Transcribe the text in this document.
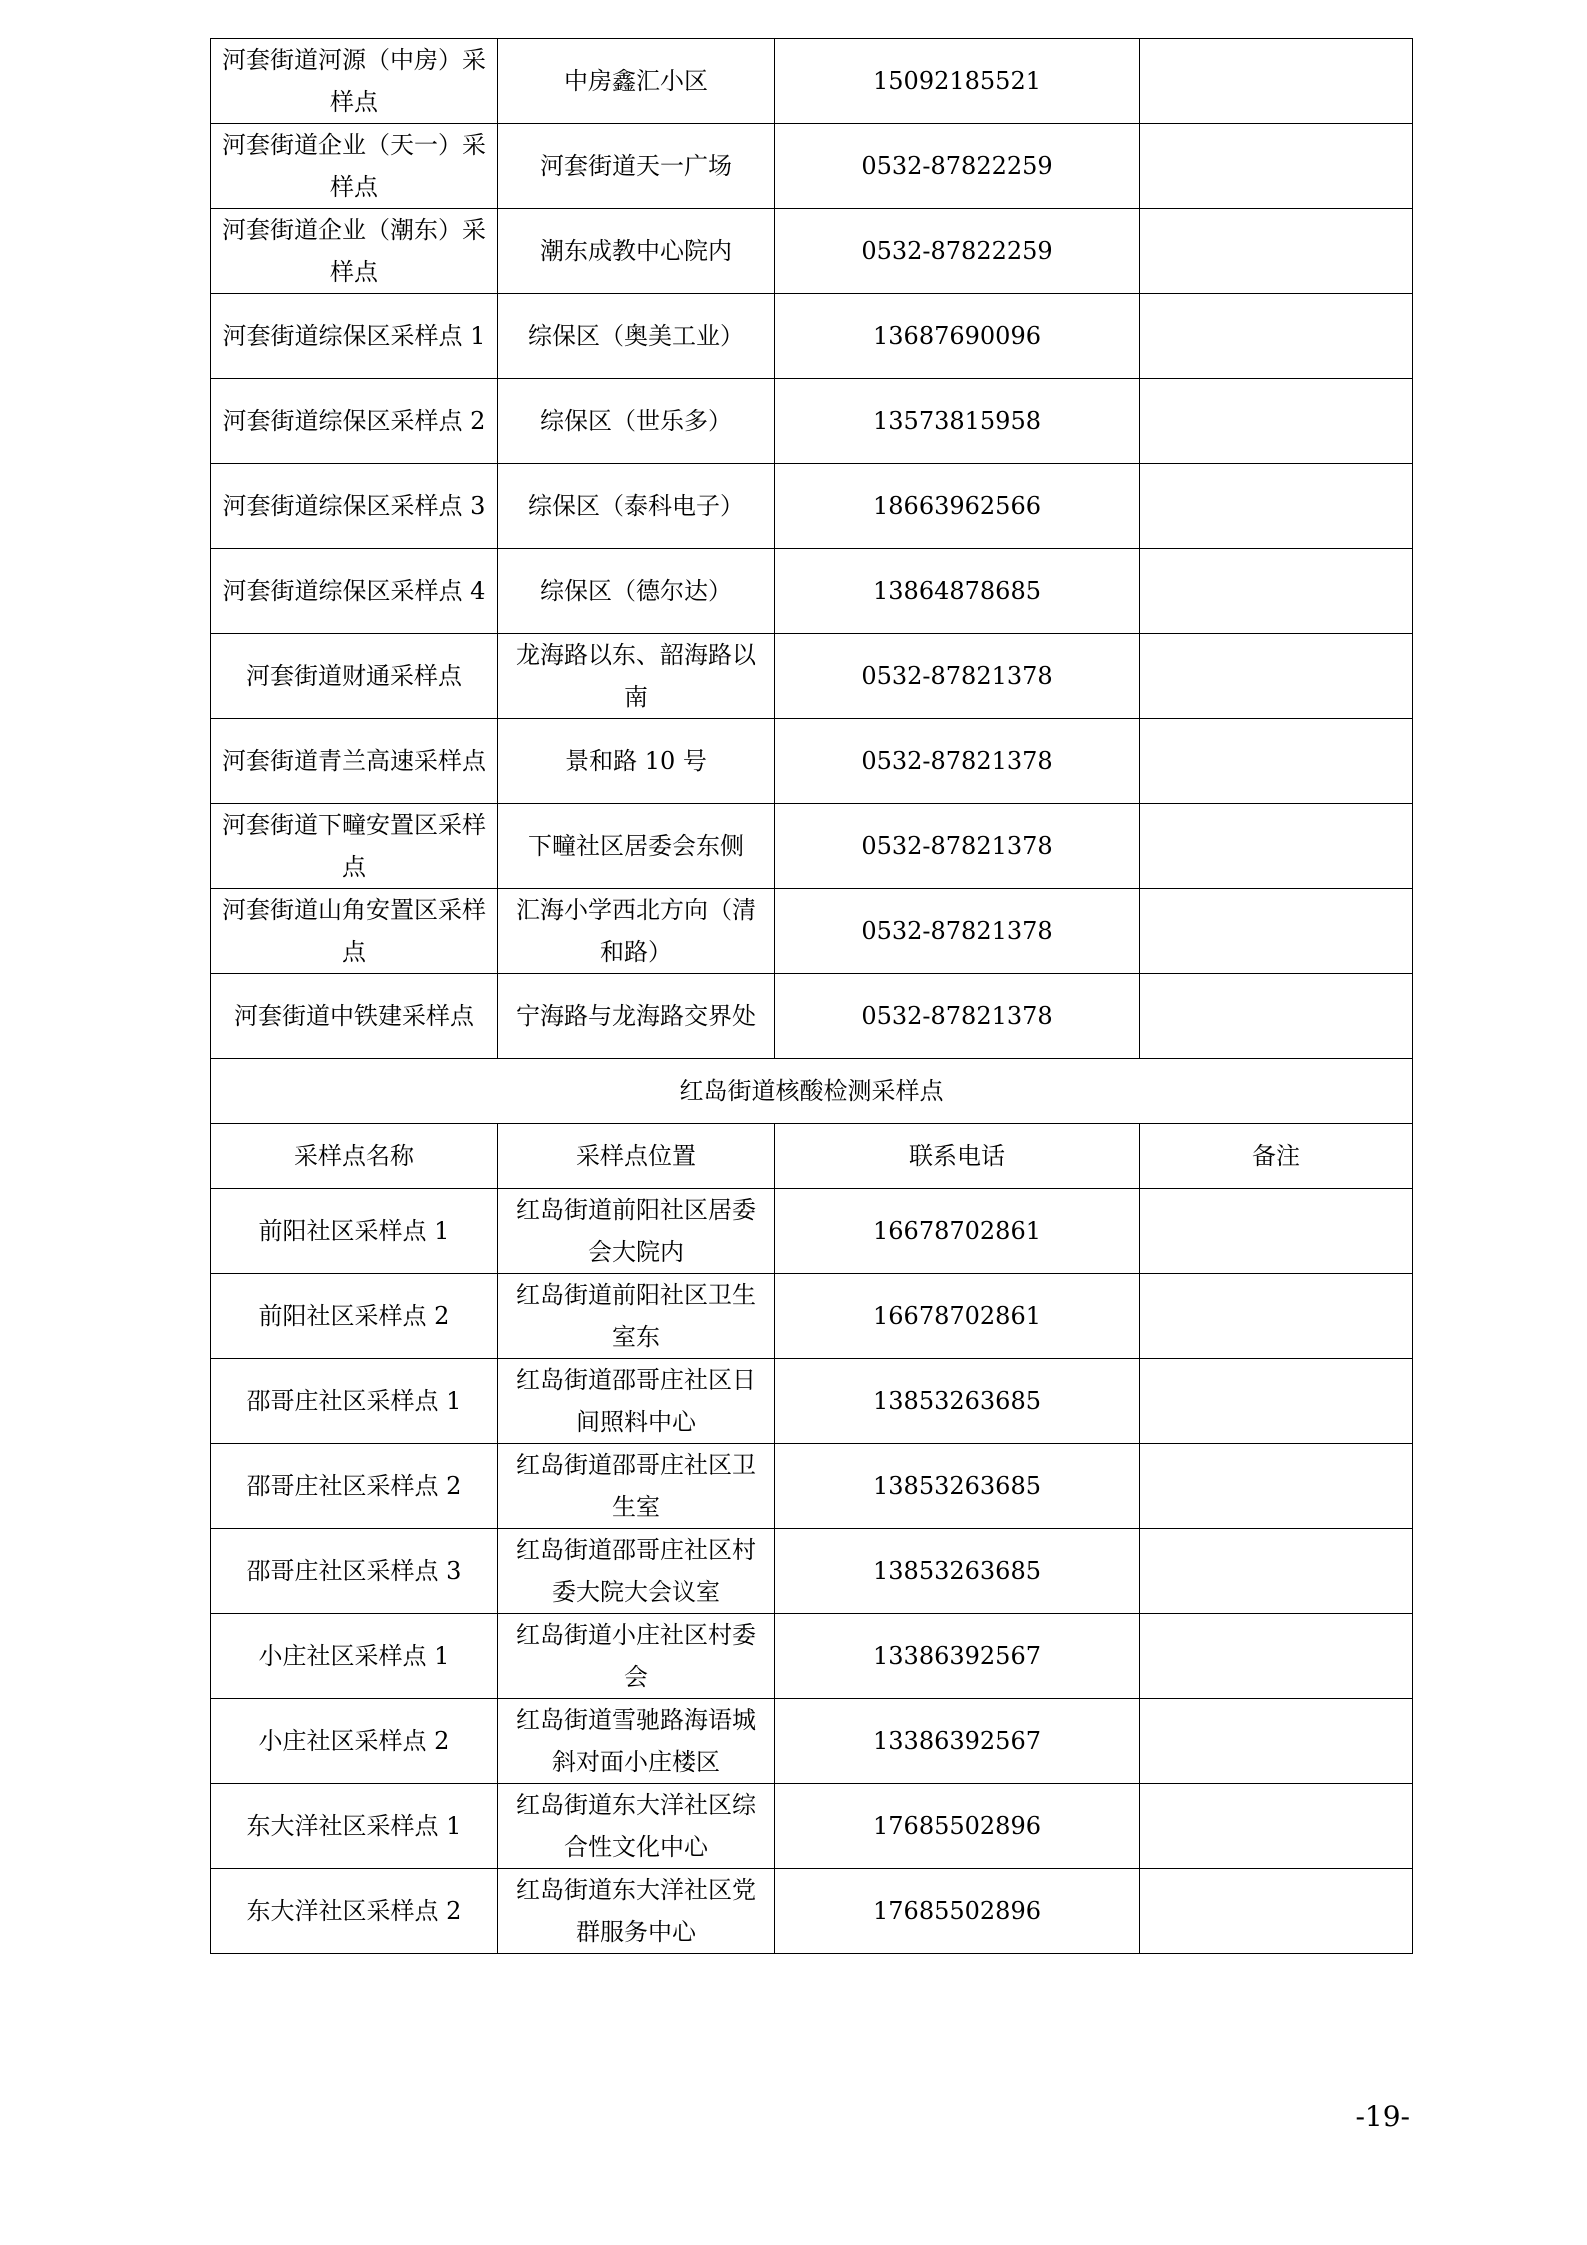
河套街道河源（中房）采样点	中房鑫汇小区	15092185521	
河套街道企业（天一）采样点	河套街道天一广场	0532-87822259	
河套街道企业（潮东）采样点	潮东成教中心院内	0532-87822259	
河套街道综保区采样点 1	综保区（奥美工业）	13687690096	
河套街道综保区采样点 2	综保区（世乐多）	13573815958	
河套街道综保区采样点 3	综保区（泰科电子）	18663962566	
河套街道综保区采样点 4	综保区（德尔达）	13864878685	
河套街道财通采样点	龙海路以东、韶海路以南	0532-87821378	
河套街道青兰高速采样点	景和路 10 号	0532-87821378	
河套街道下疃安置区采样点	下疃社区居委会东侧	0532-87821378	
河套街道山角安置区采样点	汇海小学西北方向（清和路）	0532-87821378	
河套街道中铁建采样点	宁海路与龙海路交界处	0532-87821378	
红岛街道核酸检测采样点			
采样点名称	采样点位置	联系电话	备注
前阳社区采样点 1	红岛街道前阳社区居委会大院内	16678702861	
前阳社区采样点 2	红岛街道前阳社区卫生室东	16678702861	
邵哥庄社区采样点 1	红岛街道邵哥庄社区日间照料中心	13853263685	
邵哥庄社区采样点 2	红岛街道邵哥庄社区卫生室	13853263685	
邵哥庄社区采样点 3	红岛街道邵哥庄社区村委大院大会议室	13853263685	
小庄社区采样点 1	红岛街道小庄社区村委会	13386392567	
小庄社区采样点 2	红岛街道雪驰路海语城斜对面小庄楼区	13386392567	
东大洋社区采样点 1	红岛街道东大洋社区综合性文化中心	17685502896	
东大洋社区采样点 2	红岛街道东大洋社区党群服务中心	17685502896	
-19-
